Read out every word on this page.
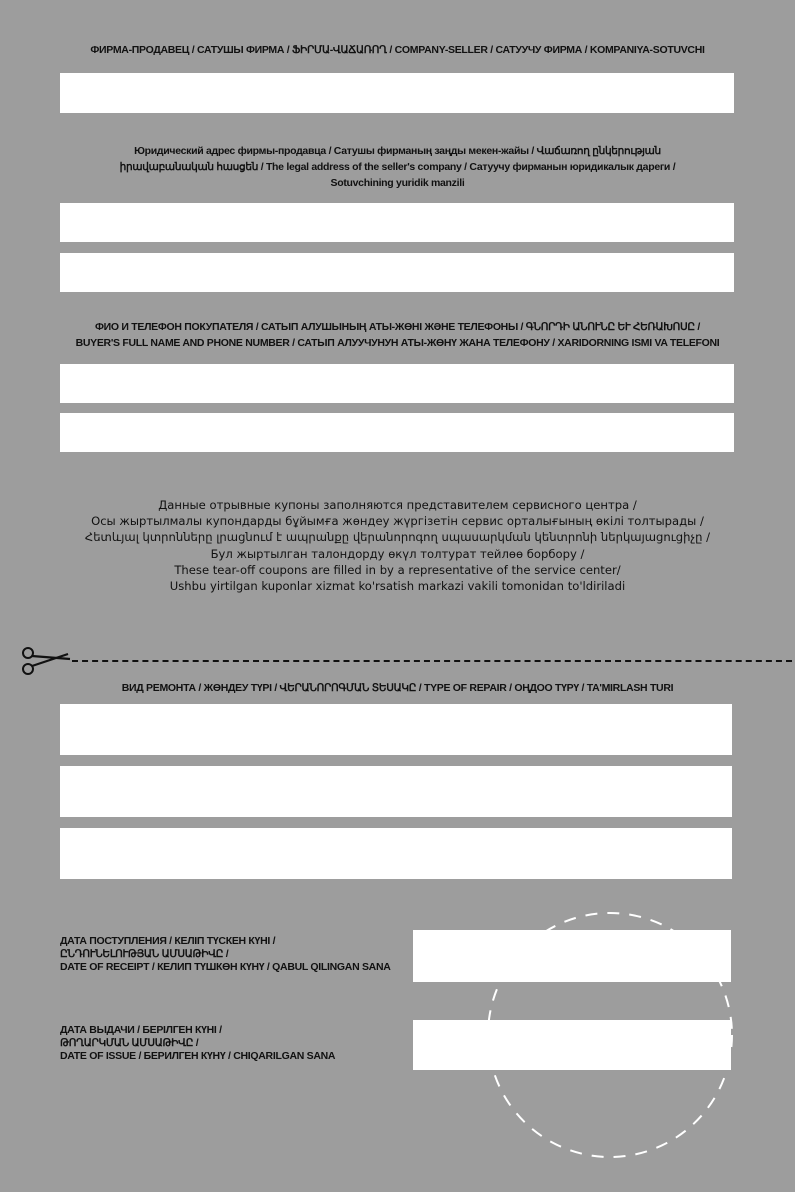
ФИРМА-ПРОДАВЕЦ / САТУШЫ ФИРМА / ՖԻՐՄԱ-ՎԱՃԱՌՈՂ / COMPANY-SELLER / САТУУЧУ ФИРМА / KOMPANIYA-SOTUVCHI
Юридический адрес фирмы-продавца / Сатушы фирманың заңды мекен-жайы / Վաճառող ընկերության
իրավաբանական հասցեն / The legal address of the seller's company / Сатуучу фирманын юридикалык дареги /
Sotuvchining yuridik manzili
ФИО И ТЕЛЕФОН ПОКУПАТЕЛЯ / САТЫП АЛУШЫНЫҢ АТЫ-ЖӨНІ ЖӘНЕ ТЕЛЕФОНЫ / ԳՆՈՐԴԻ ԱՆՈՒՆԸ ԵՒ ՀԵՌԱԽՈՍԸ /
BUYER'S FULL NAME AND PHONE NUMBER / САТЫП АЛУУЧУНУН АТЫ-ЖӨНҮ ЖАНА ТЕЛЕФОНУ / XARIDORNING ISMI VA TELEFONI
Данные отрывные купоны заполняются представителем сервисного центра /
Осы жыртылмалы купондарды бұйымға жөндеу жүргізетін сервис орталығының өкілі толтырады /
Հետևյալ կտրոնները լրացնում է ապրանքը վերանորոգող սպասարկման կենտրոնի ներկայացուցիչը /
Бул жыртылган талондорду өкүл толтурат тейлөө борбору /
These tear-off coupons are filled in by a representative of the service center/
Ushbu yirtilgan kuponlar xizmat ko'rsatish markazi vakili tomonidan to'ldiriladi
ВИД РЕМОНТА / ЖӨНДЕУ ТҮРІ / ՎԵՐԱՆՈՐՈԳՄԱՆ ՏԵՍԱԿԸ / TYPE OF REPAIR / ОҢДОО ТҮРҮ / TA'MIRLASH TURI
ДАТА ПОСТУПЛЕНИЯ / КЕЛІП ТҮСКЕН КҮНІ /
ԸՆԴՈՒՆԵԼՈՒԹՅԱՆ ԱՄՍԱԹԻՎԸ /
DATE OF RECEIPT / КЕЛИП ТҮШКӨН КҮНҮ / QABUL QILINGAN SANA
ДАТА ВЫДАЧИ / БЕРІЛГЕН КҮНІ /
ԹՈՂԱՐԿՄԱՆ ԱՄՍԱԹԻՎԸ /
DATE OF ISSUE / БЕРИЛГЕН КҮНҮ / CHIQARILGAN SANA
